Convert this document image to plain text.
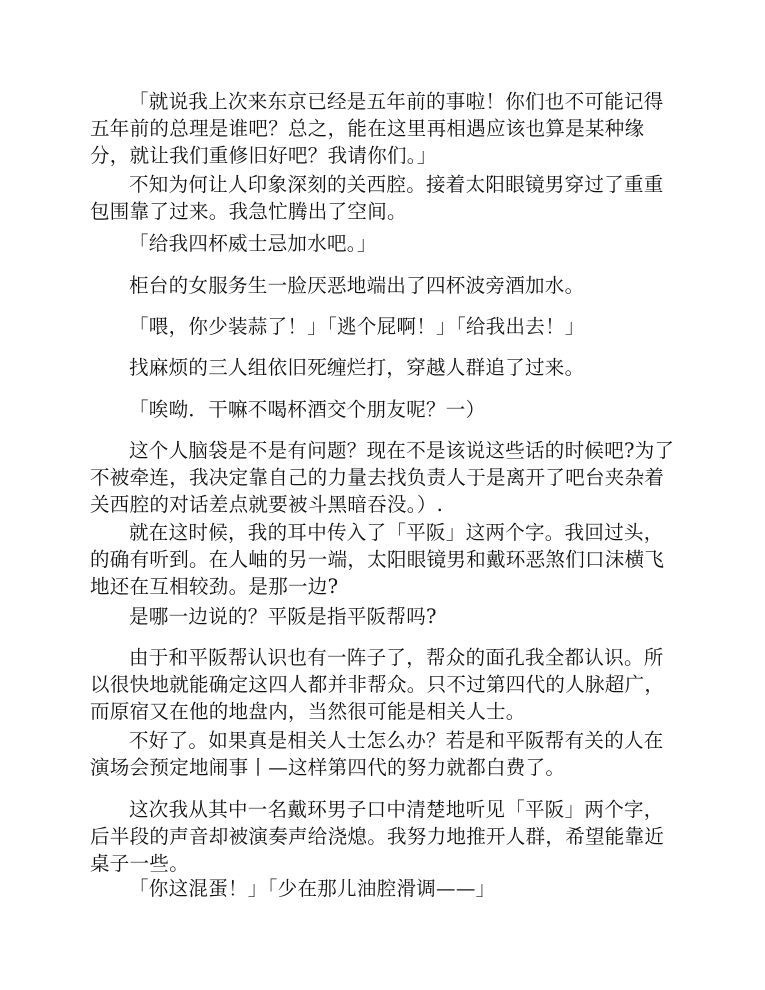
「就说我上次来东京已经是五年前的事啦！你们也不可能记得五年前的总理是谁吧？总之，能在这里再相遇应该也算是某种缘分，就让我们重修旧好吧？我请你们。」

不知为何让人印象深刻的关西腔。接着太阳眼镜男穿过了重重包围靠了过来。我急忙腾出了空间。

「给我四杯威士忌加水吧。」

柜台的女服务生一脸厌恶地端出了四杯波旁酒加水。

「喂，你少装蒜了！」「逃个屁啊！」「给我出去！」

找麻烦的三人组依旧死缠烂打，穿越人群追了过来。

「唉呦．干嘛不喝杯酒交个朋友呢？一）

这个人脑袋是不是有问题？现在不是该说这些话的时候吧?为了不被牵连，我决定靠自己的力量去找负责人于是离开了吧台夹杂着关西腔的对话差点就要被斗黑暗吞没。）.

就在这时候，我的耳中传入了「平阪」这两个字。我回过头，的确有听到。在人岫的另一端，太阳眼镜男和戴环恶煞们口沫横飞地还在互相较劲。是那一边?

是哪一边说的？平阪是指平阪帮吗?

由于和平阪帮认识也有一阵子了，帮众的面孔我全都认识。所以很快地就能确定这四人都并非帮众。只不过第四代的人脉超广，而原宿又在他的地盘内，当然很可能是相关人士。

不好了。如果真是相关人士怎么办？若是和平阪帮有关的人在演场会预定地闹事丨—这样第四代的努力就都白费了。

这次我从其中一名戴环男子口中清楚地听见「平阪」两个字，后半段的声音却被演奏声给浇熄。我努力地推开人群，希望能靠近桌子一些。

「你这混蛋！」「少在那儿油腔滑调——」
